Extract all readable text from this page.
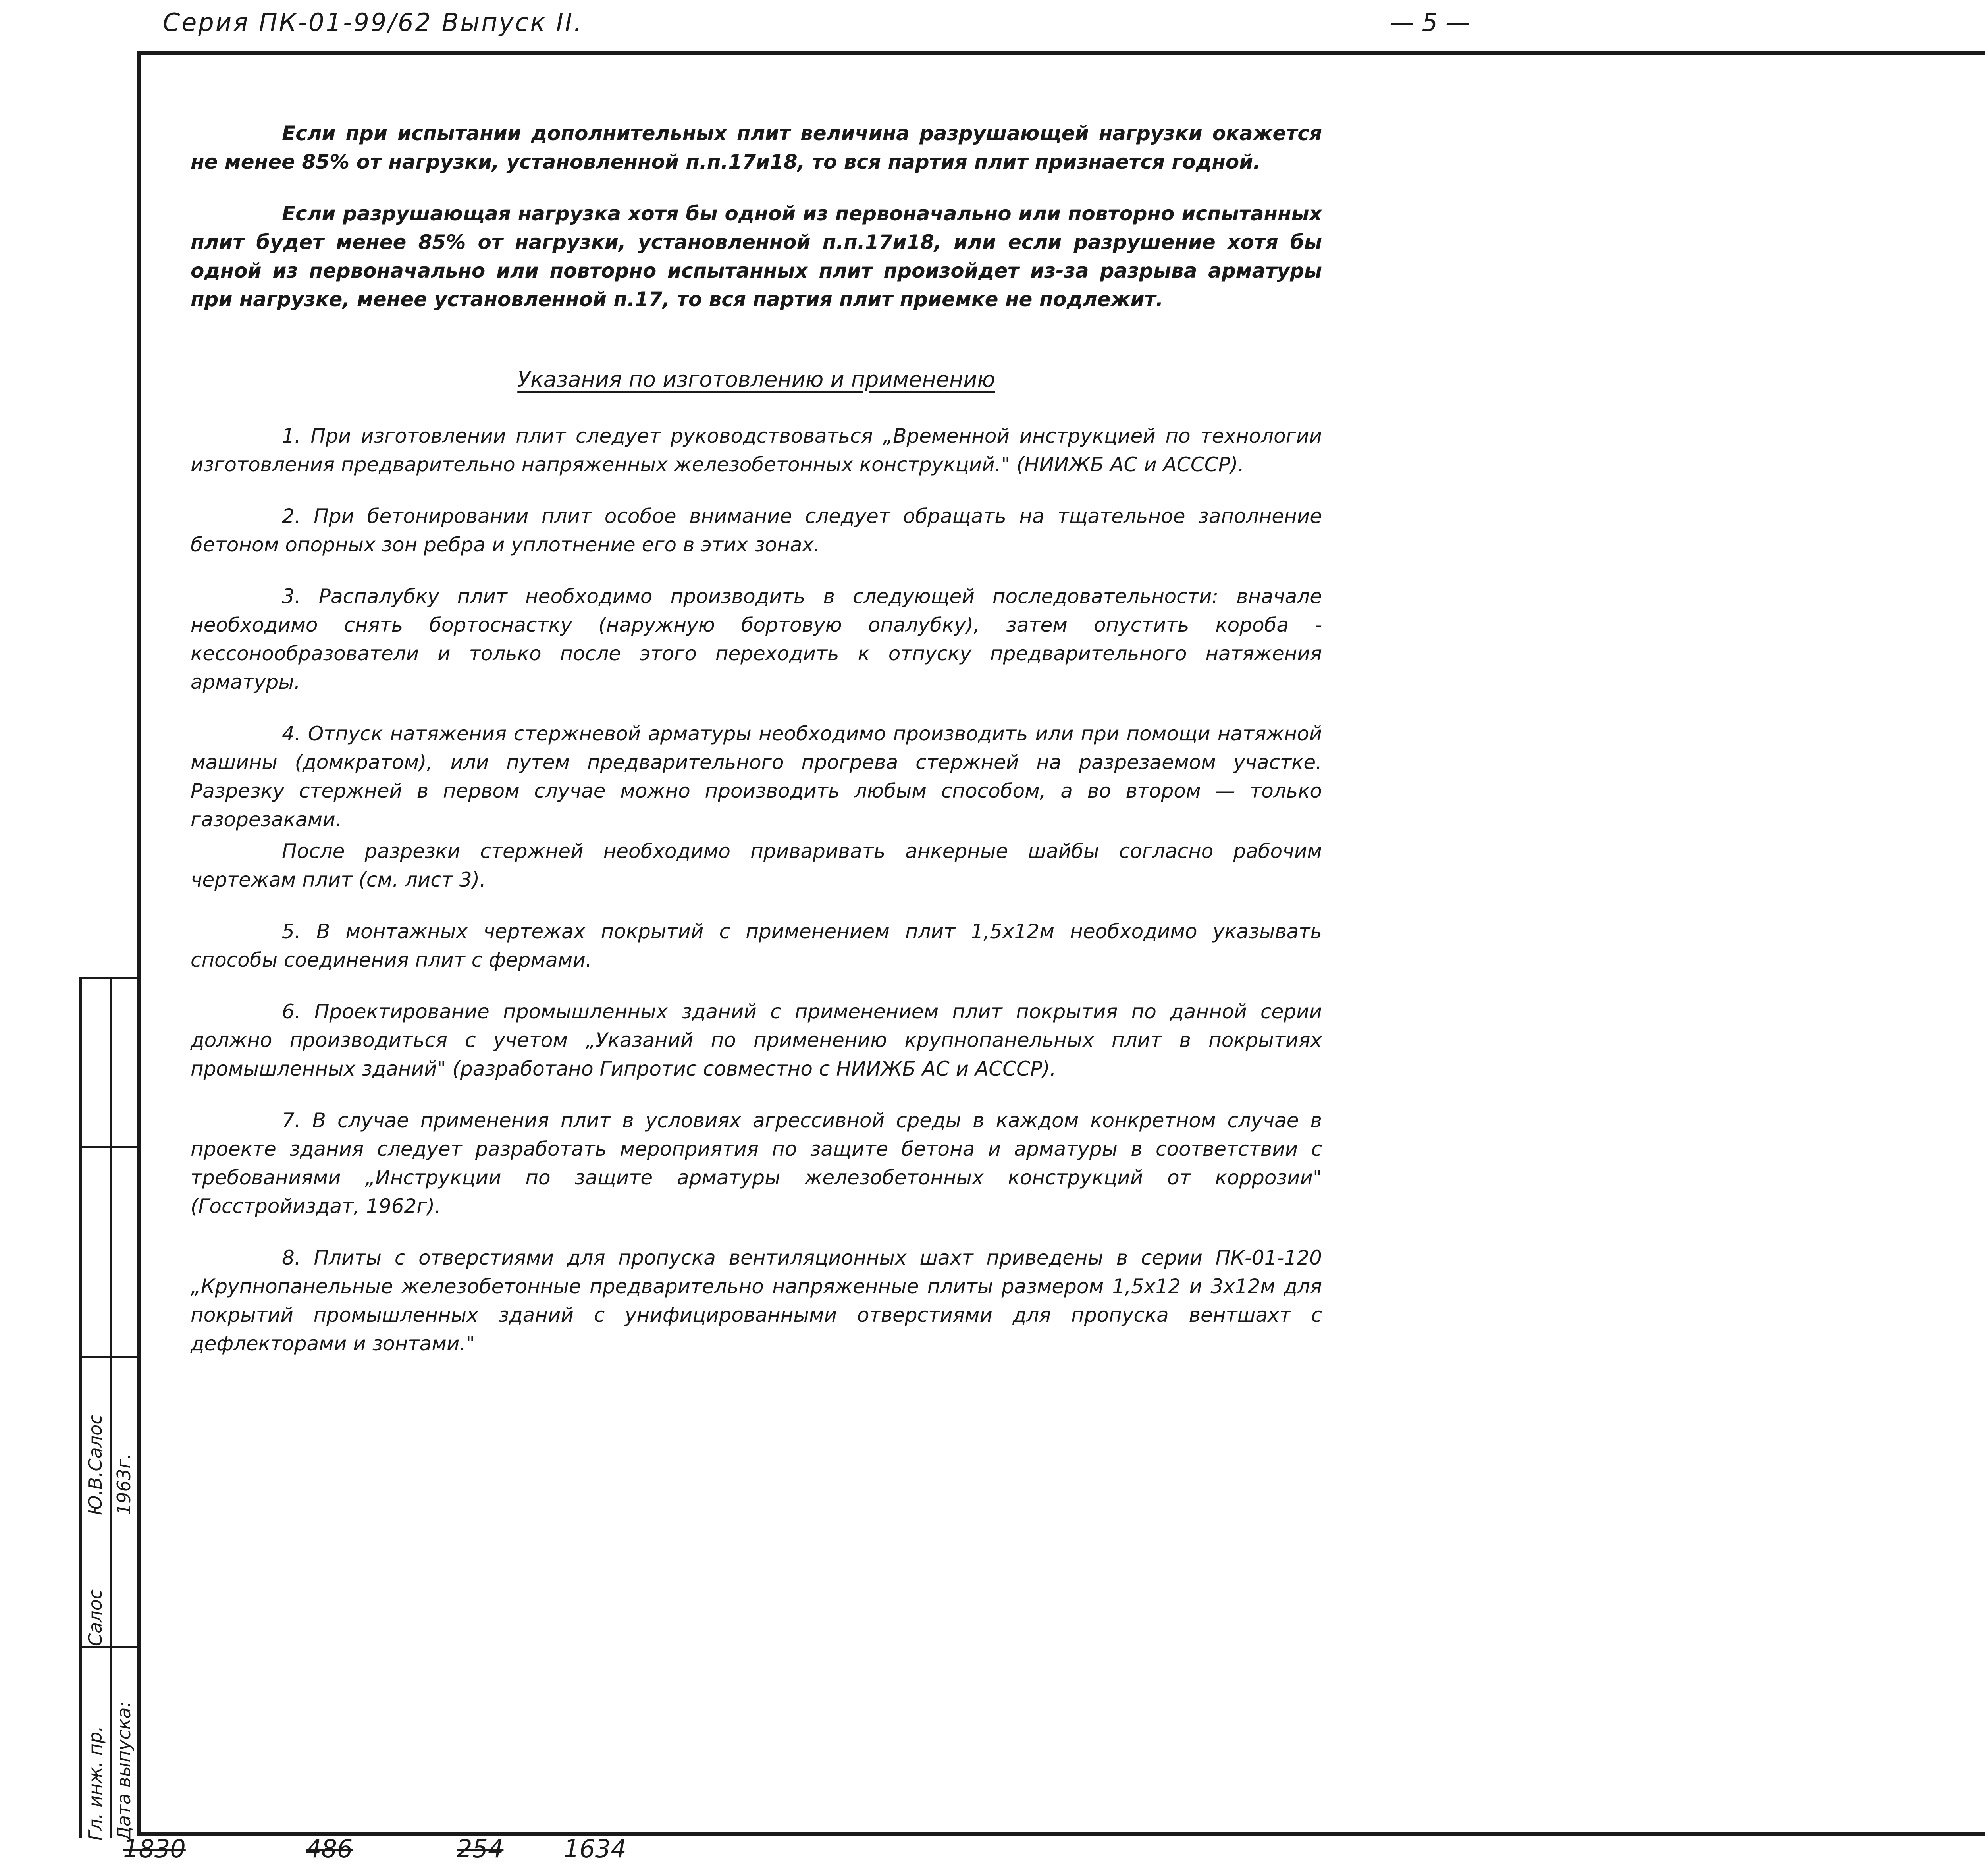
Серия ПК-01-99/62 Выпуск II.	— 5 —
Гл. инж. пр. Дата выпуска:
Салос
Ю.В.Салос 1963г.

Если при испытании дополнительных плит величина разрушающей нагрузки окажется не менее 85% от нагрузки, установленной п.п.17и18, то вся партия плит признается годной.

Если разрушающая нагрузка хотя бы одной из первоначально или повторно испытанных плит будет менее 85% от нагрузки, установленной п.п.17и18, или если разрушение хотя бы одной из первоначально или повторно испытанных плит произойдет из-за разрыва арматуры при нагрузке, менее установленной п.17, то вся партия плит приемке не подлежит.

Указания по изготовлению и применению

1. При изготовлении плит следует руководствоваться „Временной инструкцией по технологии изготовления предварительно напряженных железобетонных конструкций." (НИИЖБ АС и АСССР).

2. При бетонировании плит особое внимание следует обращать на тщательное заполнение бетоном опорных зон ребра и уплотнение его в этих зонах.

3. Распалубку плит необходимо производить в следующей последовательности: вначале необходимо снять бортоснастку (наружную бортовую опалубку), затем опустить короба - кессонообразователи и только после этого переходить к отпуску предварительного натяжения арматуры.

4. Отпуск натяжения стержневой арматуры необходимо производить или при помощи натяжной машины (домкратом), или путем предварительного прогрева стержней на разрезаемом участке. Разрезку стержней в первом случае можно производить любым способом, а во втором — только газорезаками.

После разрезки стержней необходимо приваривать анкерные шайбы согласно рабочим чертежам плит (см. лист 3).

5. В монтажных чертежах покрытий с применением плит 1,5х12м необходимо указывать способы соединения плит с фермами.

6. Проектирование промышленных зданий с применением плит покрытия по данной серии должно производиться с учетом „Указаний по применению крупнопанельных плит в покрытиях промышленных зданий" (разработано Гипротис совместно с НИИЖБ АС и АСССР).

7. В случае применения плит в условиях агрессивной среды в каждом конкретном случае в проекте здания следует разработать мероприятия по защите бетона и арматуры в соответствии с требованиями „Инструкции по защите арматуры железобетонных конструкций от коррозии" (Госстройиздат, 1962г).

8. Плиты с отверстиями для пропуска вентиляционных шахт приведены в серии ПК-01-120 „Крупнопанельные железобетонные предварительно напряженные плиты размером 1,5х12 и 3х12м для покрытий промышленных зданий с унифицированными отверстиями для пропуска вентшахт с дефлекторами и зонтами."

1830	486	254 1634
